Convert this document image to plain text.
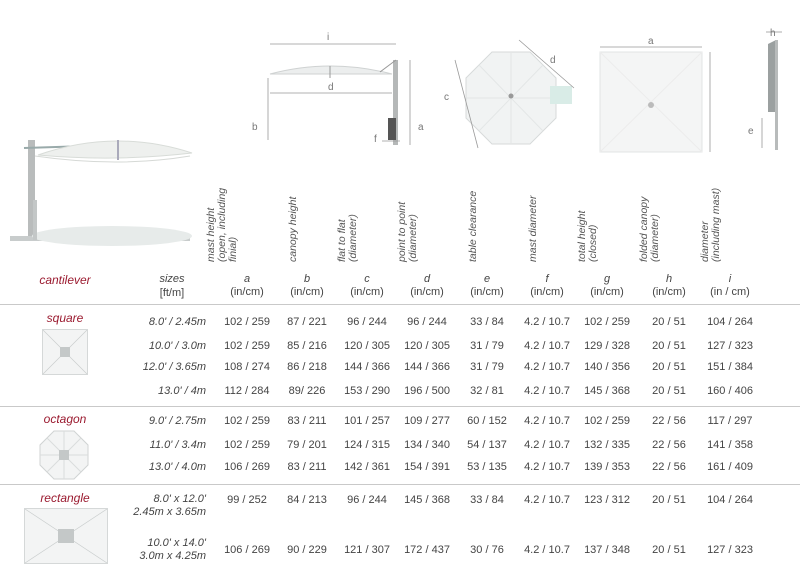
i
d
b	a
f
d
c
a
h
e
mast height (open, including finial)
a
(in/cm)
canopy height
b
(in/cm)
flat to flat (diameter)
c
(in/cm)
point to point (diameter)
d
(in/cm)
table clearance
e
(in/cm)
mast diameter
f
(in/cm)
total height (closed)
g
(in/cm)
folded canopy (diameter)
h
(in/cm)
diameter (including mast)
i
(in / cm)
cantilever	sizes
[ft/m]
square	8.0' / 2.45m	102 / 259	87 / 221	96 / 244	96 / 244	33 / 84	4.2 / 10.7	102 / 259	20 / 51	104 / 264
10.0' / 3.0m	102 / 259	85 / 216	120 / 305	120 / 305	31 / 79	4.2 / 10.7	129 / 328	20 / 51	127 / 323
12.0' / 3.65m	108 / 274	86 / 218	144 / 366	144 / 366	31 / 79	4.2 / 10.7	140 / 356	20 / 51	151 / 384
13.0' / 4m	112 / 284	89/ 226	153 / 290	196 / 500	32 / 81	4.2 / 10.7	145 / 368	20 / 51	160 / 406
octagon	9.0' / 2.75m	102 / 259	83 / 211	101 / 257	109 / 277	60 / 152	4.2 / 10.7	102 / 259	22 / 56	117 / 297
11.0' / 3.4m	102 / 259	79 / 201	124 / 315	134 / 340	54 / 137	4.2 / 10.7	132 / 335	22 / 56	141 / 358
13.0' / 4.0m	106 / 269	83 / 211	142 / 361	154 / 391	53 / 135	4.2 / 10.7	139 / 353	22 / 56	161 / 409
rectangle	8.0' x 12.0'
2.45m x 3.65m
99 / 252	84 / 213	96 / 244	145 / 368	33 / 84	4.2 / 10.7	123 / 312	20 / 51	104 / 264
10.0' x 14.0'
3.0m x 4.25m	106 / 269	90 / 229	121 / 307	172 / 437	30 / 76	4.2 / 10.7	137 / 348	20 / 51	127 / 323
